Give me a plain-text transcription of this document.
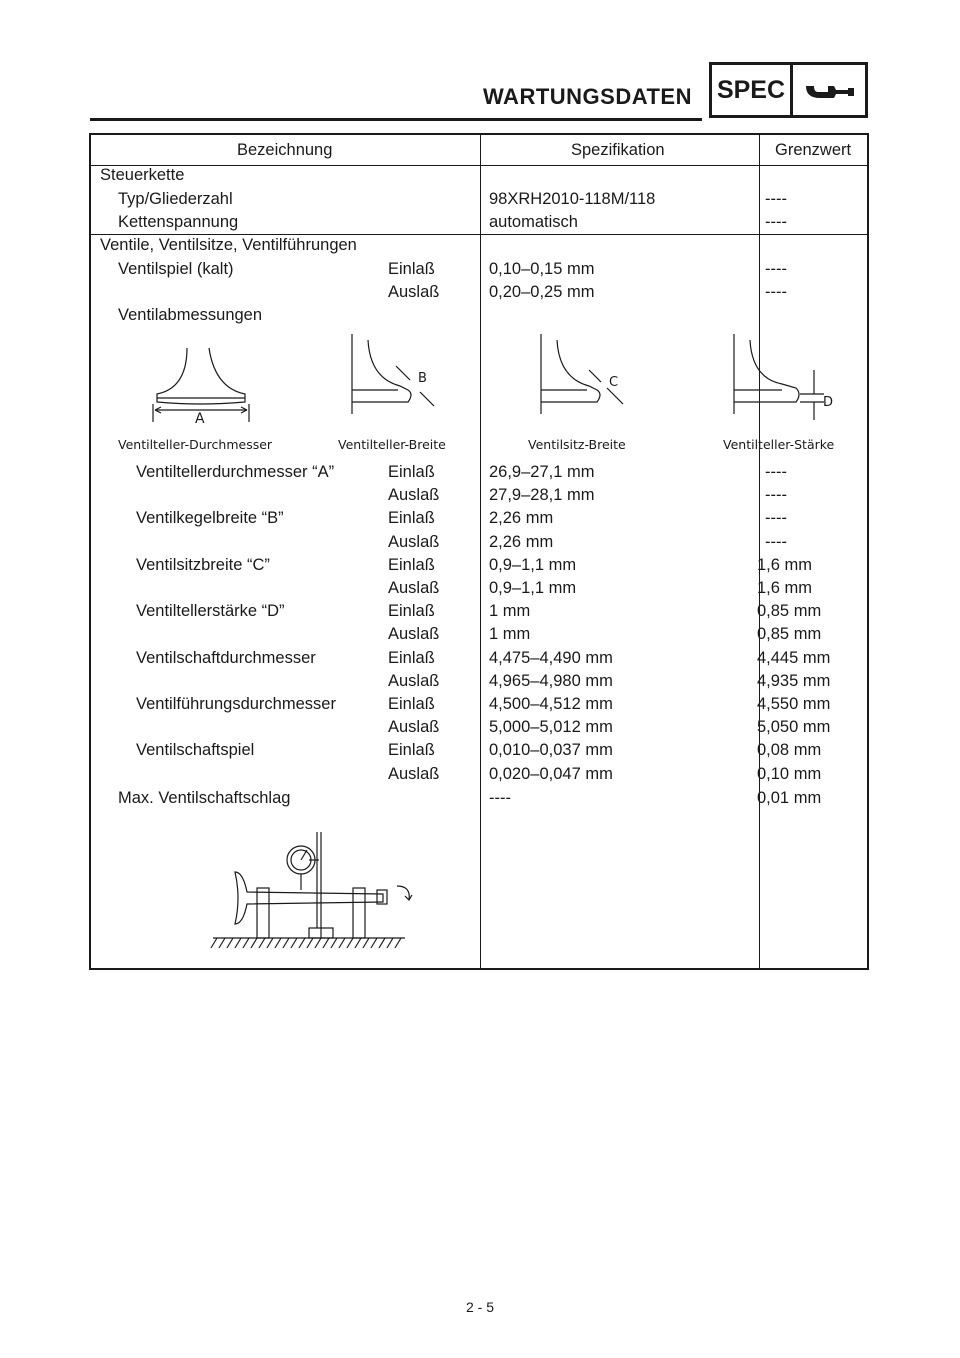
WARTUNGSDATEN SPEC
Bezeichnung	Spezifikation	Grenzwert
Steuerkette
Typ/Gliederzahl	98XRH2010-118M/118	----
Kettenspannung	automatisch	----
Ventile, Ventilsitze, Ventilführungen
Ventilspiel (kalt)	Einlaß	0,10–0,15 mm	----
Auslaß	0,20–0,25 mm	----
Ventilabmessungen
A
B	C
D
Ventilteller-Durchmesser	Ventilteller-Breite	Ventilsitz-Breite	Ventilteller-Stärke
Ventiltellerdurchmesser “A”	Einlaß	26,9–27,1 mm	----
Auslaß	27,9–28,1 mm	----
Ventilkegelbreite “B”	Einlaß	2,26 mm	----
Auslaß	2,26 mm	----
Ventilsitzbreite “C”	Einlaß	0,9–1,1 mm	1,6 mm
Auslaß	0,9–1,1 mm	1,6 mm
Ventiltellerstärke “D”	Einlaß	1 mm	0,85 mm
Auslaß	1 mm	0,85 mm
Ventilschaftdurchmesser	Einlaß	4,475–4,490 mm	4,445 mm
Auslaß	4,965–4,980 mm	4,935 mm
Ventilführungsdurchmesser	Einlaß	4,500–4,512 mm	4,550 mm
Auslaß	5,000–5,012 mm	5,050 mm
Ventilschaftspiel	Einlaß	0,010–0,037 mm	0,08 mm
Auslaß	0,020–0,047 mm	0,10 mm
Max. Ventilschaftschlag	----	0,01 mm
2 - 5
